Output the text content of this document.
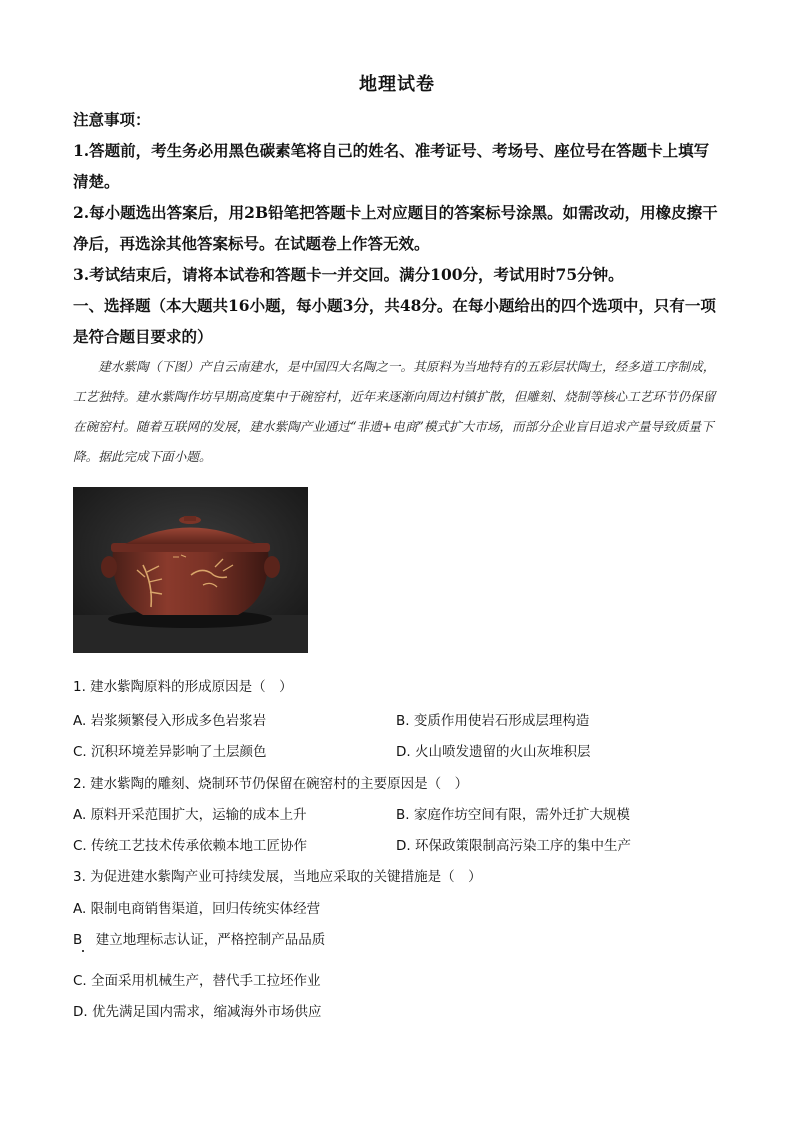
地理试卷
注意事项：
1.答题前，考生务必用黑色碳素笔将自己的姓名、准考证号、考场号、座位号在答题卡上填写清楚。
2.每小题选出答案后，用2B铅笔把答题卡上对应题目的答案标号涂黑。如需改动，用橡皮擦干净后，再选涂其他答案标号。在试题卷上作答无效。
3.考试结束后，请将本试卷和答题卡一并交回。满分100分，考试用时75分钟。
一、选择题（本大题共16小题，每小题3分，共48分。在每小题给出的四个选项中，只有一项是符合题目要求的）
建水紫陶（下图）产自云南建水，是中国四大名陶之一。其原料为当地特有的五彩层状陶土，经多道工序制成，工艺独特。建水紫陶作坊早期高度集中于碗窑村，近年来逐渐向周边村镇扩散，但雕刻、烧制等核心工艺环节仍保留在碗窑村。随着互联网的发展，建水紫陶产业通过“非遗+电商”模式扩大市场，而部分企业盲目追求产量导致质量下降。据此完成下面小题。
1. 建水紫陶原料的形成原因是（　）
A. 岩浆频繁侵入形成多色岩浆岩	B. 变质作用使岩石形成层理构造
C. 沉积环境差异影响了土层颜色	D. 火山喷发遗留的火山灰堆积层
2. 建水紫陶的雕刻、烧制环节仍保留在碗窑村的主要原因是（　）
A. 原料开采范围扩大，运输的成本上升	B. 家庭作坊空间有限，需外迁扩大规模
C. 传统工艺技术传承依赖本地工匠协作	D. 环保政策限制高污染工序的集中生产
3. 为促进建水紫陶产业可持续发展，当地应采取的关键措施是（　）
A. 限制电商销售渠道，回归传统实体经营
B　建立地理标志认证，严格控制产品品质
C. 全面采用机械生产，替代手工拉坯作业
D. 优先满足国内需求，缩减海外市场供应
